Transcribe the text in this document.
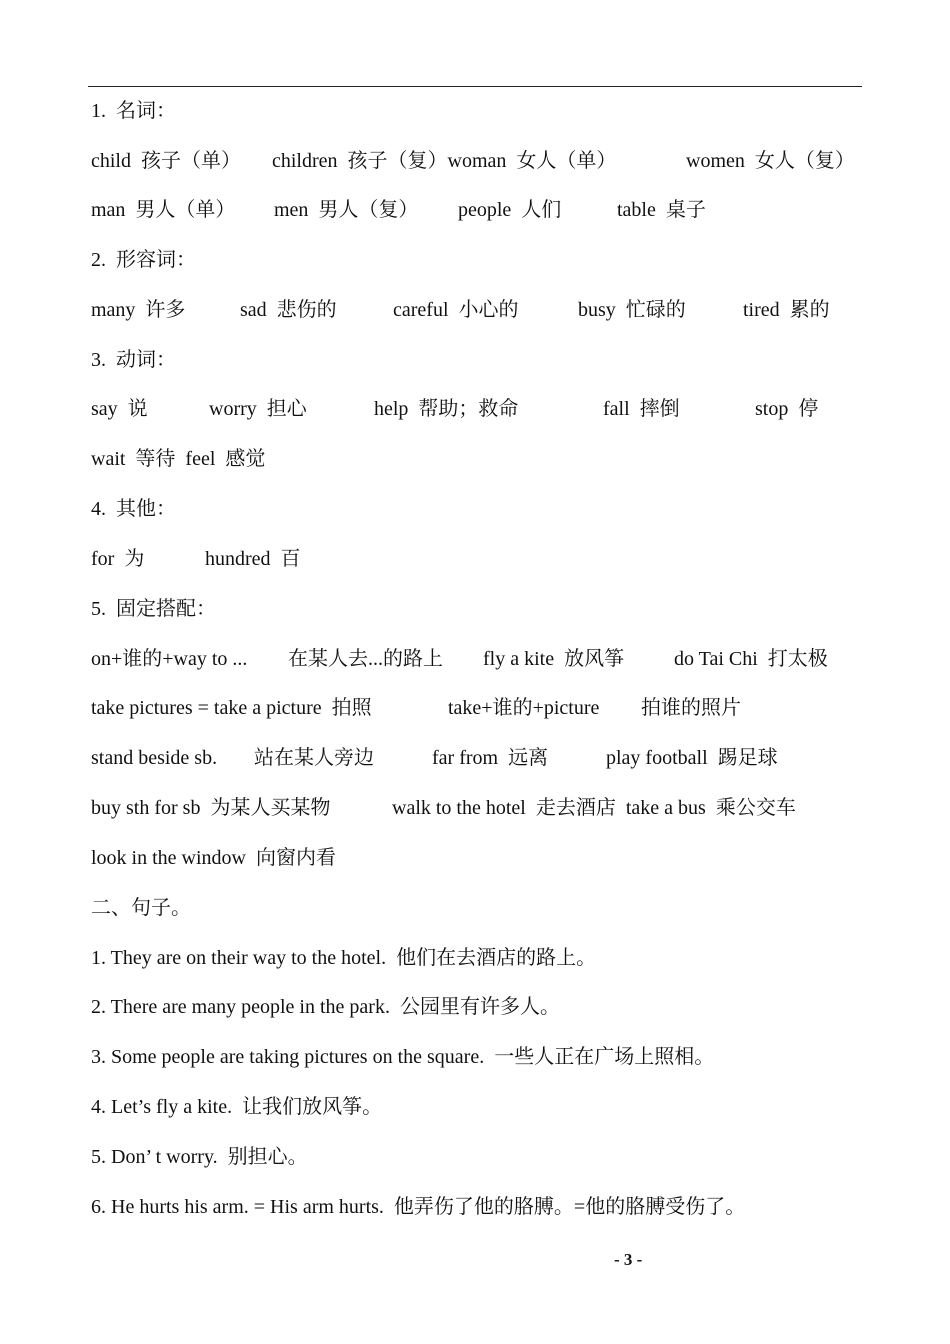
1.  名词：

child  孩子（单）

children  孩子（复）woman  女人（单）

	women  女人（复）

man  男人（单）

men  男人（复）

people  人们

	table  桌子

2.  形容词：

many  许多

	sad  悲伤的

	careful  小心的

	busy  忙碌的

	tired  累的

3.  动词：

say  说

	worry  担心

	help  帮助；救命

	fall  摔倒

	stop  停

wait  等待  feel  感觉

4.  其他：

for  为

	hundred  百

5.  固定搭配：

on+谁的+way to ...

在某人去...的路上

fly a kite  放风筝

do Tai Chi  打太极

take pictures = take a picture  拍照

	take+谁的+picture

拍谁的照片

stand beside sb.

站在某人旁边

	far from  远离

	play football  踢足球

buy sth for sb  为某人买某物

	walk to the hotel  走去酒店  take a bus  乘公交车

look in the window  向窗内看

二、句子。

1. They are on their way to the hotel.  他们在去酒店的路上。

2. There are many people in the park.  公园里有许多人。

3. Some people are taking pictures on the square.  一些人正在广场上照相。

4. Let’s fly a kite.  让我们放风筝。

5. Don’ t worry.  别担心。

6. He hurts his arm. = His arm hurts.  他弄伤了他的胳膊。=他的胳膊受伤了。

- 3 -
